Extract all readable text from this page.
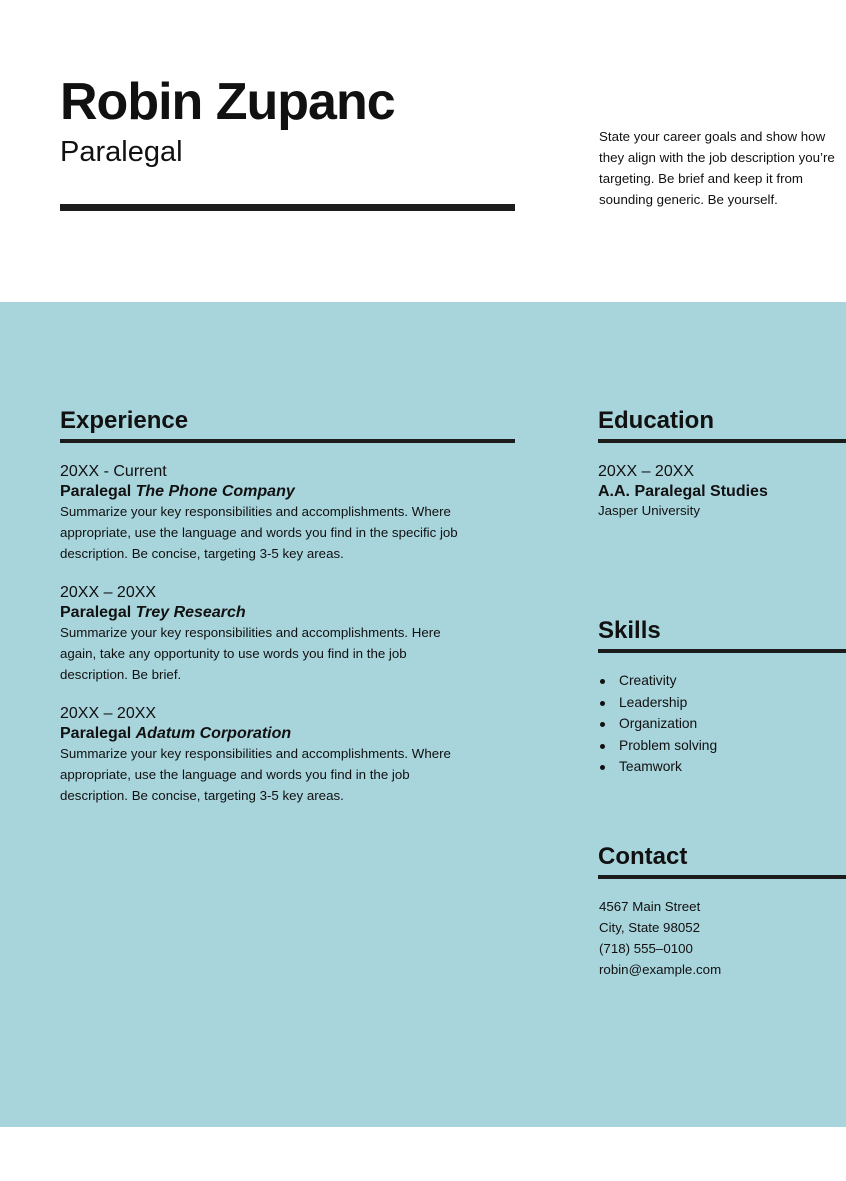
Robin Zupanc
Paralegal	State your career goals and show how they align with the job description you’re targeting. Be brief and keep it from sounding generic. Be yourself.

Experience
20XX - Current
Paralegal The Phone Company
Summarize your key responsibilities and accomplishments. Where appropriate, use the language and words you find in the specific job description. Be concise, targeting 3-5 key areas.
20XX – 20XX
Paralegal Trey Research
Summarize your key responsibilities and accomplishments. Here again, take any opportunity to use words you find in the job description. Be brief.
20XX – 20XX
Paralegal Adatum Corporation
Summarize your key responsibilities and accomplishments. Where appropriate, use the language and words you find in the job description. Be concise, targeting 3-5 key areas.
Education
20XX – 20XX
A.A. Paralegal Studies
Jasper University
Skills
Creativity
Leadership
Organization
Problem solving
Teamwork
Contact
4567 Main Street
City, State 98052
(718) 555–0100
robin@example.com
